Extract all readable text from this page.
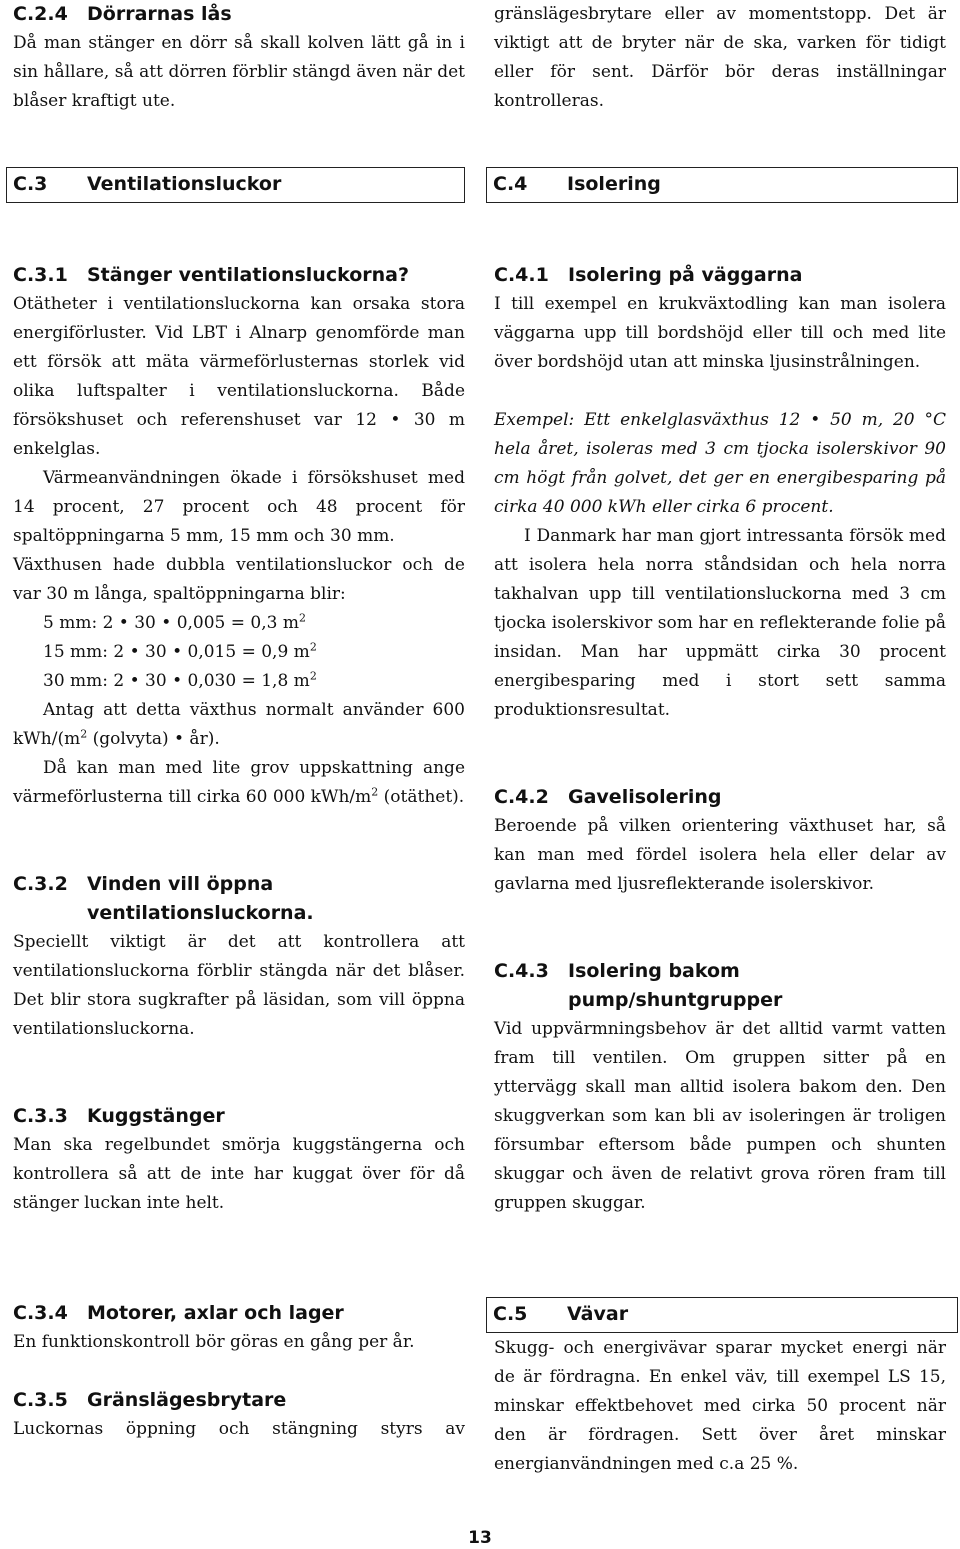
C.2.4 Dörrarnas lås

Då man stänger en dörr så skall kolven lätt gå in i sin hållare, så att dörren förblir stängd även när det blåser kraftigt ute.

gränslägesbrytare eller av momentstopp. Det är viktigt att de bryter när de ska, varken för tidigt eller för sent. Därför bör deras inställningar kontrolleras.

C.3 Ventilationsluckor	C.4 Isolering
C.3.1 Stänger ventilationsluckorna?

Otätheter i ventilationsluckorna kan orsaka stora energiförluster. Vid LBT i Alnarp genomförde man ett försök att mäta värmeförlusternas storlek vid olika luftspalter i ventilationsluckorna. Både försökshuset och referenshuset var 12 • 30 m enkelglas.

Värmeanvändningen ökade i försökshuset med 14 procent, 27 procent och 48 procent för spaltöppningarna 5 mm, 15 mm och 30 mm.

Växthusen hade dubbla ventilationsluckor och de var 30 m långa, spaltöppningarna blir:

5 mm: 2 • 30 • 0,005 = 0,3 $m^2$

15 mm: 2 • 30 • 0,015 = 0,9 $m^2$

30 mm: 2 • 30 • 0,030 = 1,8 $m^2$

Antag att detta växthus normalt använder 600 kWh/($m^2$ (golvyta) • år).

Då kan man med lite grov uppskattning ange värmeförlusterna till cirka 60 000 kWh/$m^2$ (otäthet).

C.3.2	Vinden vill öppna ventilationsluckorna.

Speciellt viktigt är det att kontrollera att ventilationsluckorna förblir stängda när det blåser. Det blir stora sugkrafter på läsidan, som vill öppna ventilationsluckorna.

C.3.3 Kuggstänger

Man ska regelbundet smörja kuggstängerna och kontrollera så att de inte har kuggat över för då stänger luckan inte helt.

C.4.1 Isolering på väggarna

I till exempel en krukväxtodling kan man isolera väggarna upp till bordshöjd eller till och med lite över bordshöjd utan att minska ljusinstrålningen.

Exempel: Ett enkelglasväxthus 12 • 50 m, 20 °C hela året, isoleras med 3 cm tjocka isolerskivor 90 cm högt från golvet, det ger en energibesparing på cirka 40 000 kWh eller cirka 6 procent.

I Danmark har man gjort intressanta försök med att isolera hela norra ståndsidan och hela norra takhalvan upp till ventilationsluckorna med 3 cm tjocka isolerskivor som har en reflekterande folie på insidan. Man har uppmätt cirka 30 procent energibesparing med i stort sett samma produktionsresultat.

C.4.2 Gavelisolering

Beroende på vilken orientering växthuset har, så kan man med fördel isolera hela eller delar av gavlarna med ljusreflekterande isolerskivor.

C.4.3	Isolering bakom pump/shuntgrupper

Vid uppvärmningsbehov är det alltid varmt vatten fram till ventilen. Om gruppen sitter på en yttervägg skall man alltid isolera bakom den. Den skuggverkan som kan bli av isoleringen är troligen försumbar eftersom både pumpen och shunten skuggar och även de relativt grova rören fram till gruppen skuggar.

C.3.4 Motorer, axlar och lager

En funktionskontroll bör göras en gång per år.

C.3.5 Gränslägesbrytare

Luckornas öppning och stängning styrs av

C.5 Vävar

Skugg- och energivävar sparar mycket energi när de är fördragna. En enkel väv, till exempel LS 15, minskar effektbehovet med cirka 50 procent när den är fördragen. Sett över året minskar energianvändningen med c.a 25 %.

13
